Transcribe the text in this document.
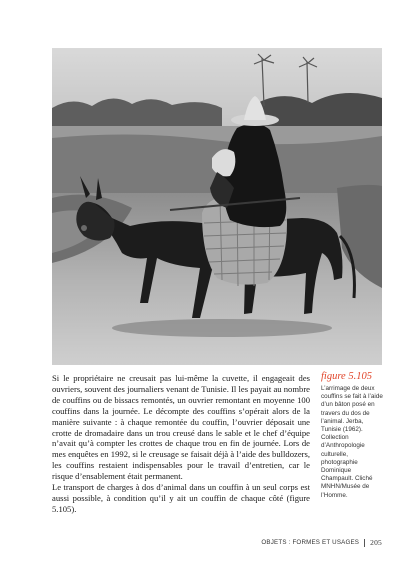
Si le propriétaire ne creusait pas lui-même la cuvette, il engageait des ouvriers, souvent des journaliers venant de Tunisie. Il les payait au nombre de couffins ou de bissacs remontés, un ouvrier remontant en moyenne 100 couffins dans la journée. Le décompte des couffins s’opérait alors de la manière suivante : à chaque remontée du couffin, l’ouvrier déposait une crotte de dromadaire dans un trou creusé dans le sable et le chef d’équipe n’avait qu’à compter les crottes de chaque trou en fin de journée. Lors de mes enquêtes en 1992, si le creusage se faisait déjà à l’aide des bulldozers, les couffins restaient indispensables pour le travail d’entretien, car le risque d’ensablement était permanent.

Le transport de charges à dos d’animal dans un couffin à un seul corps est aussi possible, à condition qu’il y ait un couffin de chaque côté (figure 5.105).

figure 5.105
L’arrimage de deux couffins se fait à l’aide d’un bâton posé en travers du dos de l’animal. Jerba, Tunisie (1962). Collection d’Anthropologie culturelle, photographie Dominique Champault. Cliché MNHN/Musée de l’Homme.
OBJETS : FORMES ET USAGES 205
